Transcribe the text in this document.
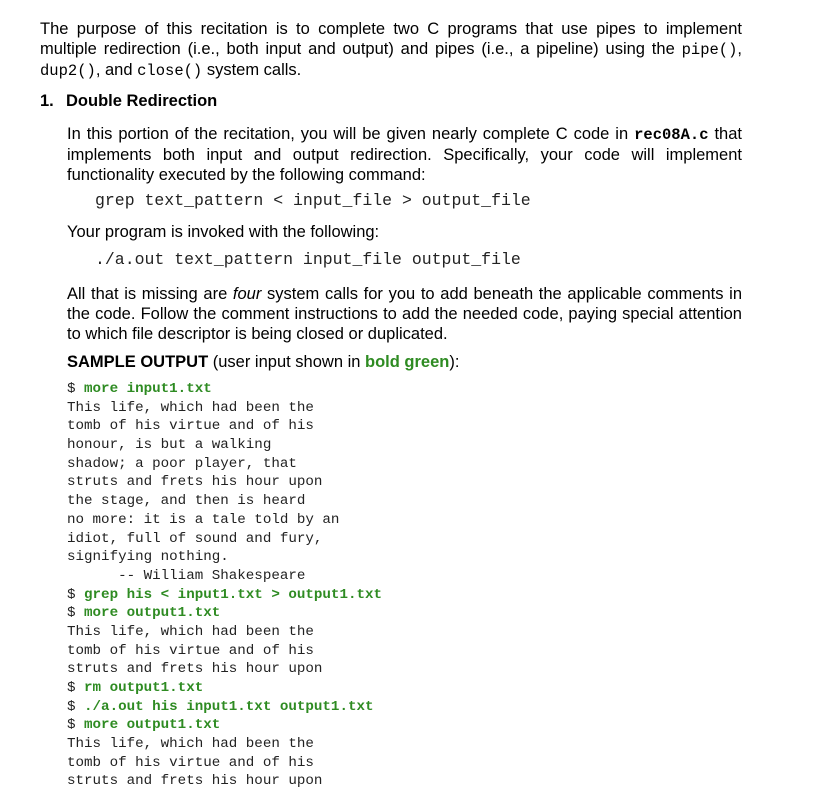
The purpose of this recitation is to complete two C programs that use pipes to implement multiple redirection (i.e., both input and output) and pipes (i.e., a pipeline) using the pipe(), dup2(), and close() system calls.
1. Double Redirection
In this portion of the recitation, you will be given nearly complete C code in rec08A.c that implements both input and output redirection. Specifically, your code will implement functionality executed by the following command:
grep text_pattern < input_file > output_file
Your program is invoked with the following:
./a.out text_pattern input_file output_file
All that is missing are four system calls for you to add beneath the applicable comments in the code. Follow the comment instructions to add the needed code, paying special attention to which file descriptor is being closed or duplicated.
SAMPLE OUTPUT (user input shown in bold green):
$ more input1.txt
This life, which had been the
tomb of his virtue and of his
honour, is but a walking
shadow; a poor player, that
struts and frets his hour upon
the stage, and then is heard
no more: it is a tale told by an
idiot, full of sound and fury,
signifying nothing.
-- William Shakespeare
$ grep his < input1.txt > output1.txt
$ more output1.txt
This life, which had been the
tomb of his virtue and of his
struts and frets his hour upon
$ rm output1.txt
$ ./a.out his input1.txt output1.txt
$ more output1.txt
This life, which had been the
tomb of his virtue and of his
struts and frets his hour upon
